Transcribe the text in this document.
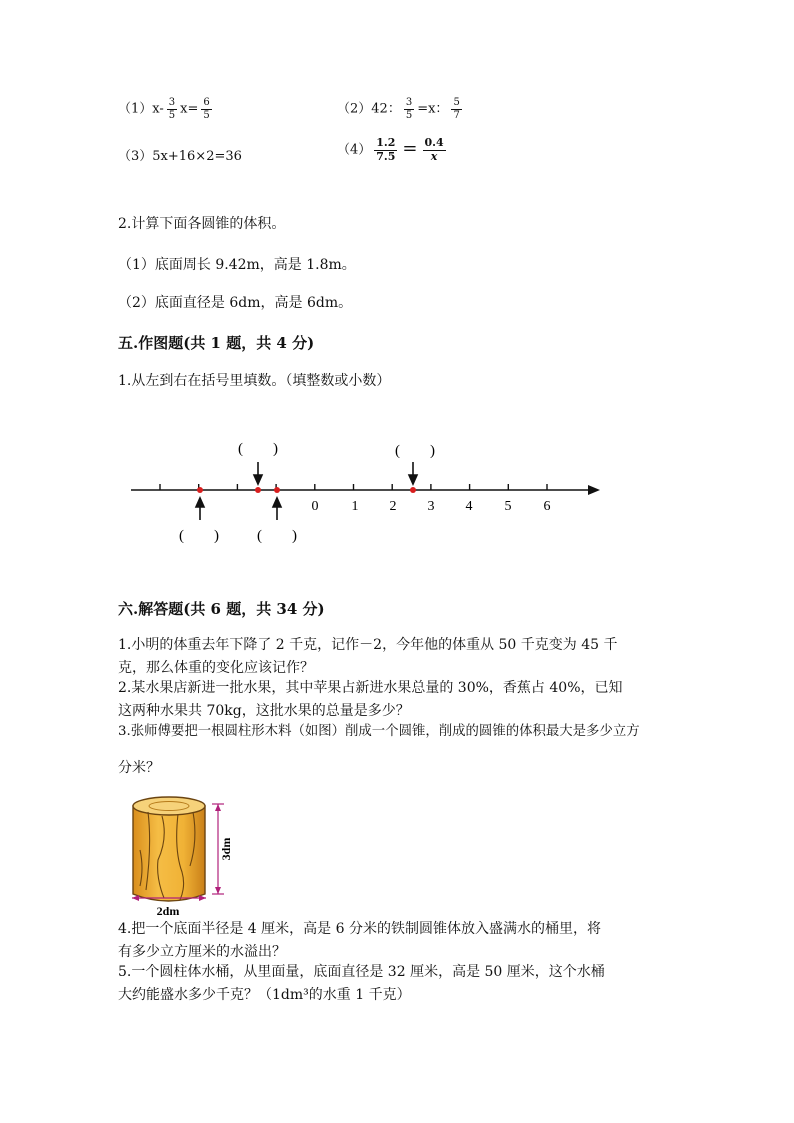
$(1)x- \frac{3}{5} x= \frac{6}{5}$	（2）42： $\frac{3}{5} =x$： $\frac{5}{7}$
（3）5x+16×2=36	$(4) \frac{1.2}{7.5} = \frac{0.4}{x}$
2.计算下面各圆锥的体积。
（1）底面周长 9.42m，高是 1.8m。
（2）底面直径是 6dm，高是 6dm。
五.作图题(共 1 题，共 4 分)
1.从左到右在括号里填数。（填整数或小数）
0 1 2 3 4 5 6
(　　)	(　　)
(　　)	(　　)
六.解答题(共 6 题，共 34 分)
1.小明的体重去年下降了 2 千克，记作－2，今年他的体重从 50 千克变为 45 千
克，那么体重的变化应该记作？
2.某水果店新进一批水果，其中苹果占新进水果总量的 30%，香蕉占 40%，已知
这两种水果共 70kg，这批水果的总量是多少？
3.张师傅要把一根圆柱形木料（如图）削成一个圆锥，削成的圆锥的体积最大是多少立方
分米？
3dm
2dm
4.把一个底面半径是 4 厘米，高是 6 分米的铁制圆锥体放入盛满水的桶里，将
有多少立方厘米的水溢出？
5.一个圆柱体水桶，从里面量，底面直径是 32 厘米，高是 50 厘米，这个水桶
大约能盛水多少千克？（1dm³的水重 1 千克）
